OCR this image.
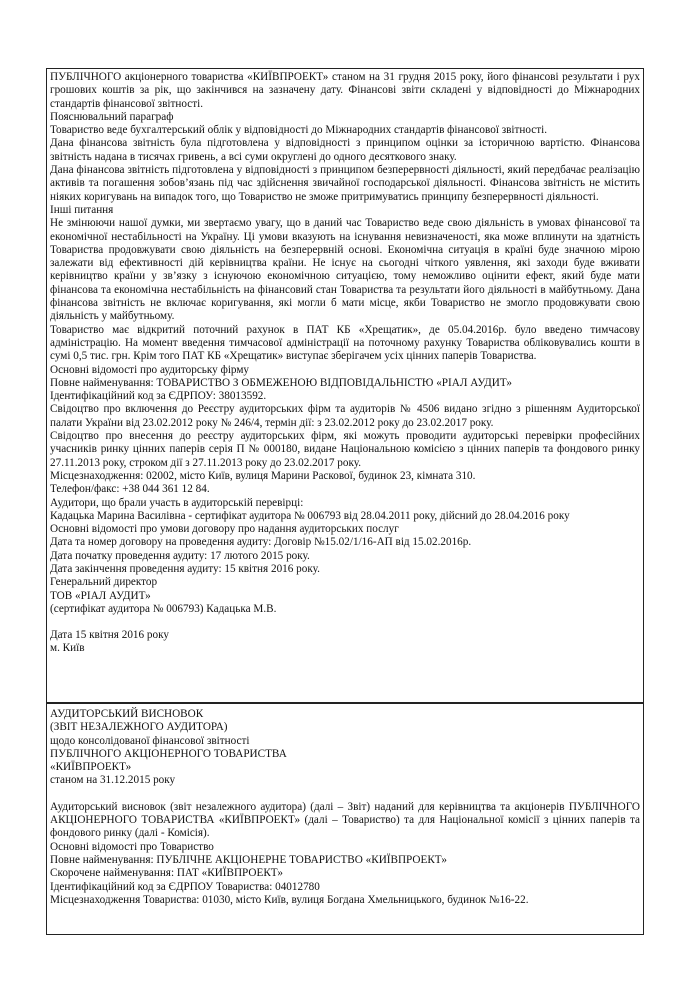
ПУБЛІЧНОГО акціонерного товариства «КИЇВПРОЕКТ» станом на 31 грудня 2015 року, його фінансові результати і рух грошових коштів за рік, що закінчився на зазначену дату. Фінансові звіти складені у відповідності до Міжнародних стандартів фінансової звітності.
Пояснювальний параграф
Товариство веде бухгалтерський облік у відповідності до Міжнародних стандартів фінансової звітності.
Дана фінансова звітність була підготовлена у відповідності з принципом оцінки за історичною вартістю. Фінансова звітність надана в тисячах гривень, а всі суми округлені до одного десяткового знаку.
Дана фінансова звітність підготовлена у відповідності з принципом безперервності діяльності, який передбачає реалізацію активів та погашення зобов’язань під час здійснення звичайної господарської діяльності. Фінансова звітність не містить ніяких коригувань на випадок того, що Товариство не зможе притримуватись принципу безперервності діяльності.
Інші питання
Не змінюючи нашої думки, ми звертаємо увагу, що в даний час Товариство веде свою діяльність в умовах фінансової та економічної нестабільності на Україну. Ці умови вказують на існування невизначеності, яка може вплинути на здатність Товариства продовжувати свою діяльність на безперервній основі. Економічна ситуація в країні буде значною мірою залежати від ефективності дій керівництва країни. Не існує на сьогодні чіткого уявлення, які заходи буде вживати керівництво країни у зв’язку з існуючою економічною ситуацією, тому неможливо оцінити ефект, який буде мати фінансова та економічна нестабільність на фінансовий стан Товариства та результати його діяльності в майбутньому. Дана фінансова звітність не включає коригування, які могли б мати місце, якби Товариство не змогло продовжувати свою діяльність у майбутньому.
Товариство має відкритий поточний рахунок в ПАТ КБ «Хрещатик», де 05.04.2016р. було введено тимчасову адміністрацію. На момент введення тимчасової адміністрації на поточному рахунку Товариства обліковувались кошти в сумі 0,5 тис. грн. Крім того ПАТ КБ «Хрещатик» виступає зберігачем усіх цінних паперів Товариства.
Основні відомості про аудиторську фірму
Повне найменування: ТОВАРИСТВО З ОБМЕЖЕНОЮ ВІДПОВІДАЛЬНІСТЮ «РІАЛ АУДИТ»
Ідентифікаційний код за ЄДРПОУ: 38013592.
Свідоцтво про включення до Реєстру аудиторських фірм та аудиторів № 4506 видано згідно з рішенням Аудиторської палати України від 23.02.2012 року № 246/4, термін дії: з 23.02.2012 року до 23.02.2017 року.
Свідоцтво про внесення до реєстру аудиторських фірм, які можуть проводити аудиторські перевірки професійних учасників ринку цінних паперів серія П № 000180, видане Національною комісією з цінних паперів та фондового ринку 27.11.2013 року, строком дії з 27.11.2013 року до 23.02.2017 року.
Місцезнаходження: 02002, місто Київ, вулиця Марини Раскової, будинок 23, кімната 310.
Телефон/факс: +38 044 361 12 84.
Аудитори, що брали участь в аудиторській перевірці:
Кадацька Марина Василівна - сертифікат аудитора № 006793 від 28.04.2011 року, дійсний до 28.04.2016 року
Основні відомості про умови договору про надання аудиторських послуг
Дата та номер договору на проведення аудиту: Договір №15.02/1/16-АП від 15.02.2016р.
Дата початку проведення аудиту: 17 лютого 2015 року.
Дата закінчення проведення аудиту: 15 квітня 2016 року.
Генеральний директор
ТОВ «РІАЛ АУДИТ»
(сертифікат аудитора № 006793) Кадацька М.В.
Дата 15 квітня 2016 року
м. Київ
АУДИТОРСЬКИЙ ВИСНОВОК
(ЗВІТ НЕЗАЛЕЖНОГО АУДИТОРА)
щодо консолідованої фінансової звітності
ПУБЛІЧНОГО АКЦІОНЕРНОГО ТОВАРИСТВА
«КИЇВПРОЕКТ»
станом на 31.12.2015 року
Аудиторський висновок (звіт незалежного аудитора) (далі – Звіт) наданий для керівництва та акціонерів ПУБЛІЧНОГО АКЦІОНЕРНОГО ТОВАРИСТВА «КИЇВПРОЕКТ» (далі – Товариство) та для Національної комісії з цінних паперів та фондового ринку (далі - Комісія).
Основні відомості про Товариство
Повне найменування: ПУБЛІЧНЕ АКЦІОНЕРНЕ ТОВАРИСТВО «КИЇВПРОЕКТ»
Скорочене найменування: ПАТ «КИЇВПРОЕКТ»
Ідентифікаційний код за ЄДРПОУ Товариства: 04012780
Місцезнаходження Товариства: 01030, місто Київ, вулиця Богдана Хмельницького, будинок №16-22.
